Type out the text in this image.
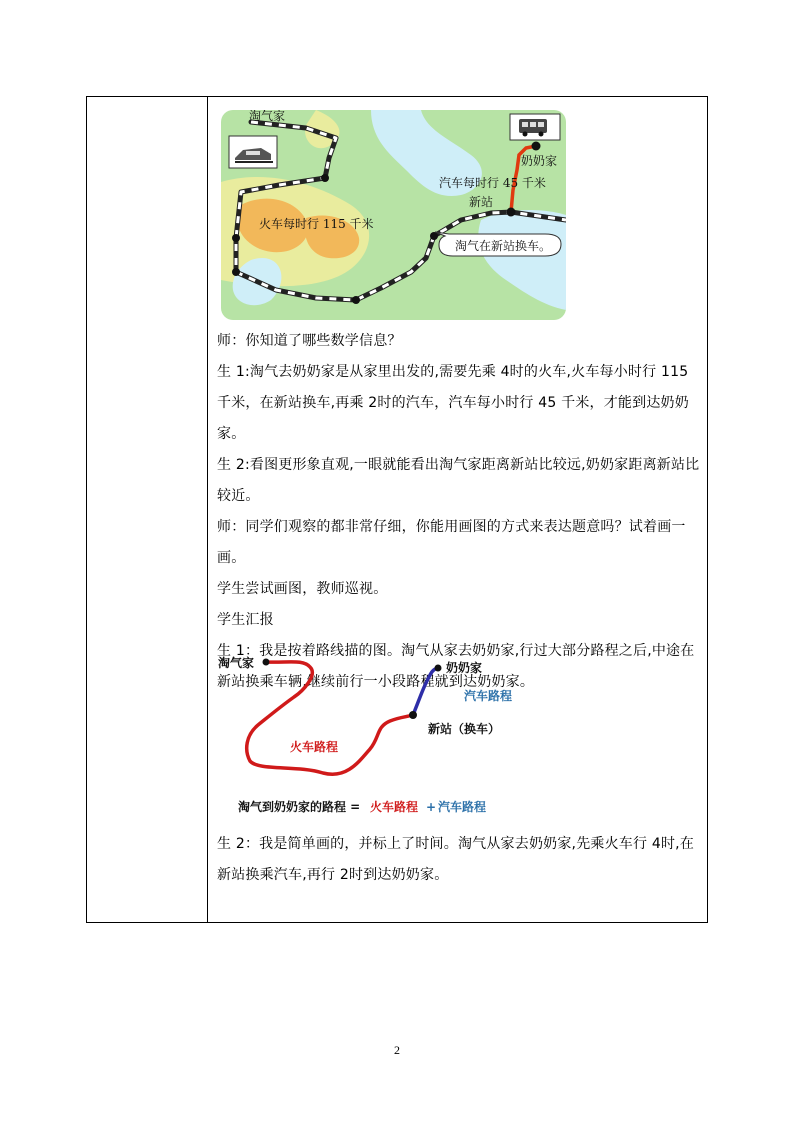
淘气家
奶奶家
汽车每时行 45 千米
新站
火车每时行 115 千米
淘气在新站换车。

师：你知道了哪些数学信息？

生 1:淘气去奶奶家是从家里出发的,需要先乘 4时的火车,火车每小时行 115 千米，在新站换车,再乘 2时的汽车，汽车每小时行 45 千米，才能到达奶奶家。

生 2:看图更形象直观,一眼就能看出淘气家距离新站比较远,奶奶家距离新站比较近。

师：同学们观察的都非常仔细，你能用画图的方式来表达题意吗？试着画一画。

学生尝试画图，教师巡视。

学生汇报

生 1：我是按着路线描的图。淘气从家去奶奶家,行过大部分路程之后,中途在新站换乘车辆,继续前行一小段路程就到达奶奶家。

淘气家	奶奶家
汽车路程
新站（换车）
火车路程
淘气到奶奶家的路程 = 火车路程 + 汽车路程

生 2：我是简单画的，并标上了时间。淘气从家去奶奶家,先乘火车行 4时,在新站换乘汽车,再行 2时到达奶奶家。

2
